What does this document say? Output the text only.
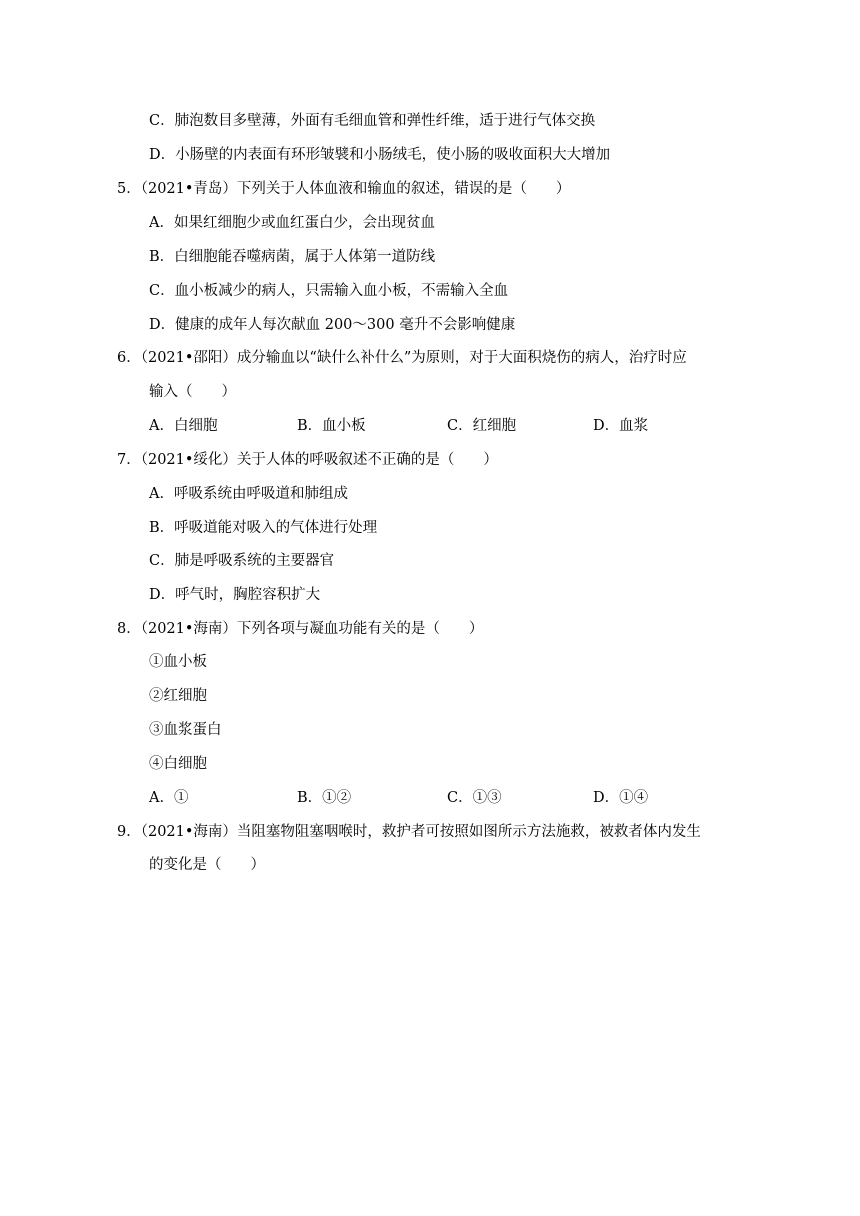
C．肺泡数目多壁薄，外面有毛细血管和弹性纤维，适于进行气体交换
D．小肠壁的内表面有环形皱襞和小肠绒毛，使小肠的吸收面积大大增加
5．（2021•青岛）下列关于人体血液和输血的叙述，错误的是（　　）
A．如果红细胞少或血红蛋白少，会出现贫血
B．白细胞能吞噬病菌，属于人体第一道防线
C．血小板减少的病人，只需输入血小板，不需输入全血
D．健康的成年人每次献血 200～300 毫升不会影响健康
6．（2021•邵阳）成分输血以“缺什么补什么”为原则，对于大面积烧伤的病人，治疗时应
输入（　　）
A．白细胞	B．血小板	C．红细胞	D．血浆
7．（2021•绥化）关于人体的呼吸叙述不正确的是（　　）
A．呼吸系统由呼吸道和肺组成
B．呼吸道能对吸入的气体进行处理
C．肺是呼吸系统的主要器官
D．呼气时，胸腔容积扩大
8．（2021•海南）下列各项与凝血功能有关的是（　　）
①血小板
②红细胞
③血浆蛋白
④白细胞
A．①	B．①②	C．①③	D．①④
9．（2021•海南）当阻塞物阻塞咽喉时，救护者可按照如图所示方法施救，被救者体内发生
的变化是（　　）
